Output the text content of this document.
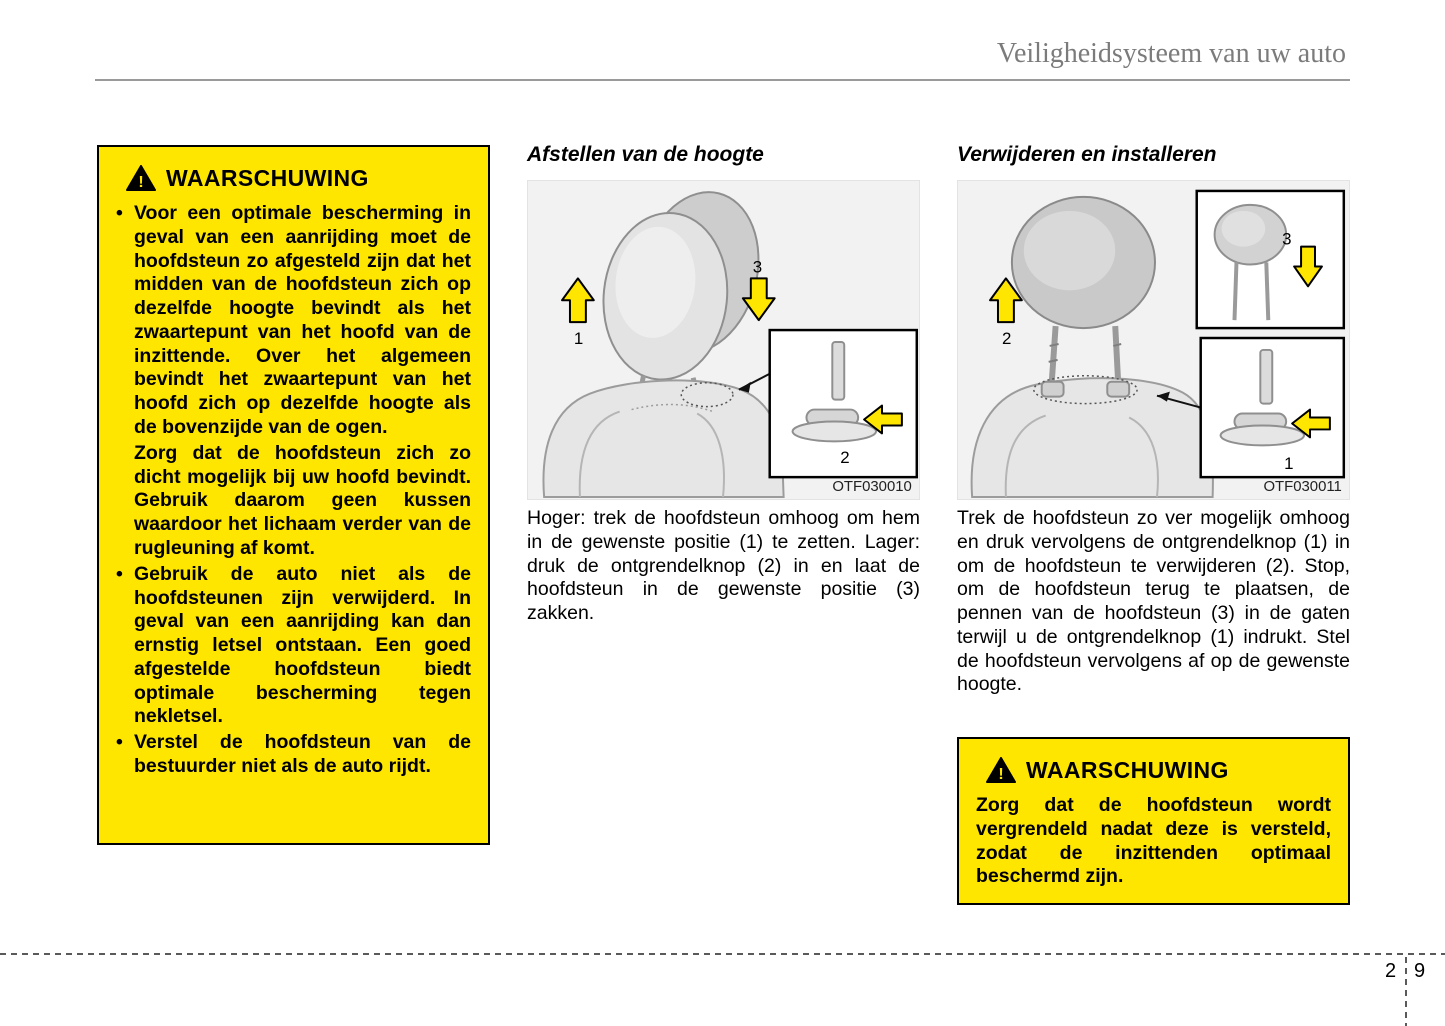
Veiligheidsysteem van uw auto
! WAARSCHUWING
• Voor een optimale bescherming in geval van een aanrijding moet de hoofdsteun zo afgesteld zijn dat het midden van de hoofdsteun zich op dezelfde hoogte bevindt als het zwaartepunt van het hoofd van de inzittende. Over het algemeen bevindt het zwaartepunt van het hoofd zich op dezelfde hoogte als de bovenzijde van de ogen.
Zorg dat de hoofdsteun zich zo dicht mogelijk bij uw hoofd bevindt. Gebruik daarom geen kussen waardoor het lichaam verder van de rugleuning af komt.
• Gebruik de auto niet als de hoofdsteunen zijn verwijderd. In geval van een aanrijding kan dan ernstig letsel ontstaan. Een goed afgestelde hoofdsteun biedt optimale bescherming tegen nekletsel.
• Verstel de hoofdsteun van de bestuurder niet als de auto rijdt.
Afstellen van de hoogte
1
3
2
OTF030010
Hoger: trek de hoofdsteun omhoog om hem in de gewenste positie (1) te zetten. Lager: druk de ontgrendelknop (2) in en laat de hoofdsteun in de gewenste positie (3) zakken.
Verwijderen en installeren
2
3
1
OTF030011
Trek de hoofdsteun zo ver mogelijk omhoog en druk vervolgens de ontgrendelknop (1) in om de hoofdsteun te verwijderen (2). Stop, om de hoofdsteun terug te plaatsen, de pennen van de hoofdsteun (3) in de gaten terwijl u de ontgrendelknop (1) indrukt. Stel de hoofdsteun vervolgens af op de gewenste hoogte.
! WAARSCHUWING
Zorg dat de hoofdsteun wordt vergrendeld nadat deze is versteld, zodat de inzittenden optimaal beschermd zijn.
2 9
